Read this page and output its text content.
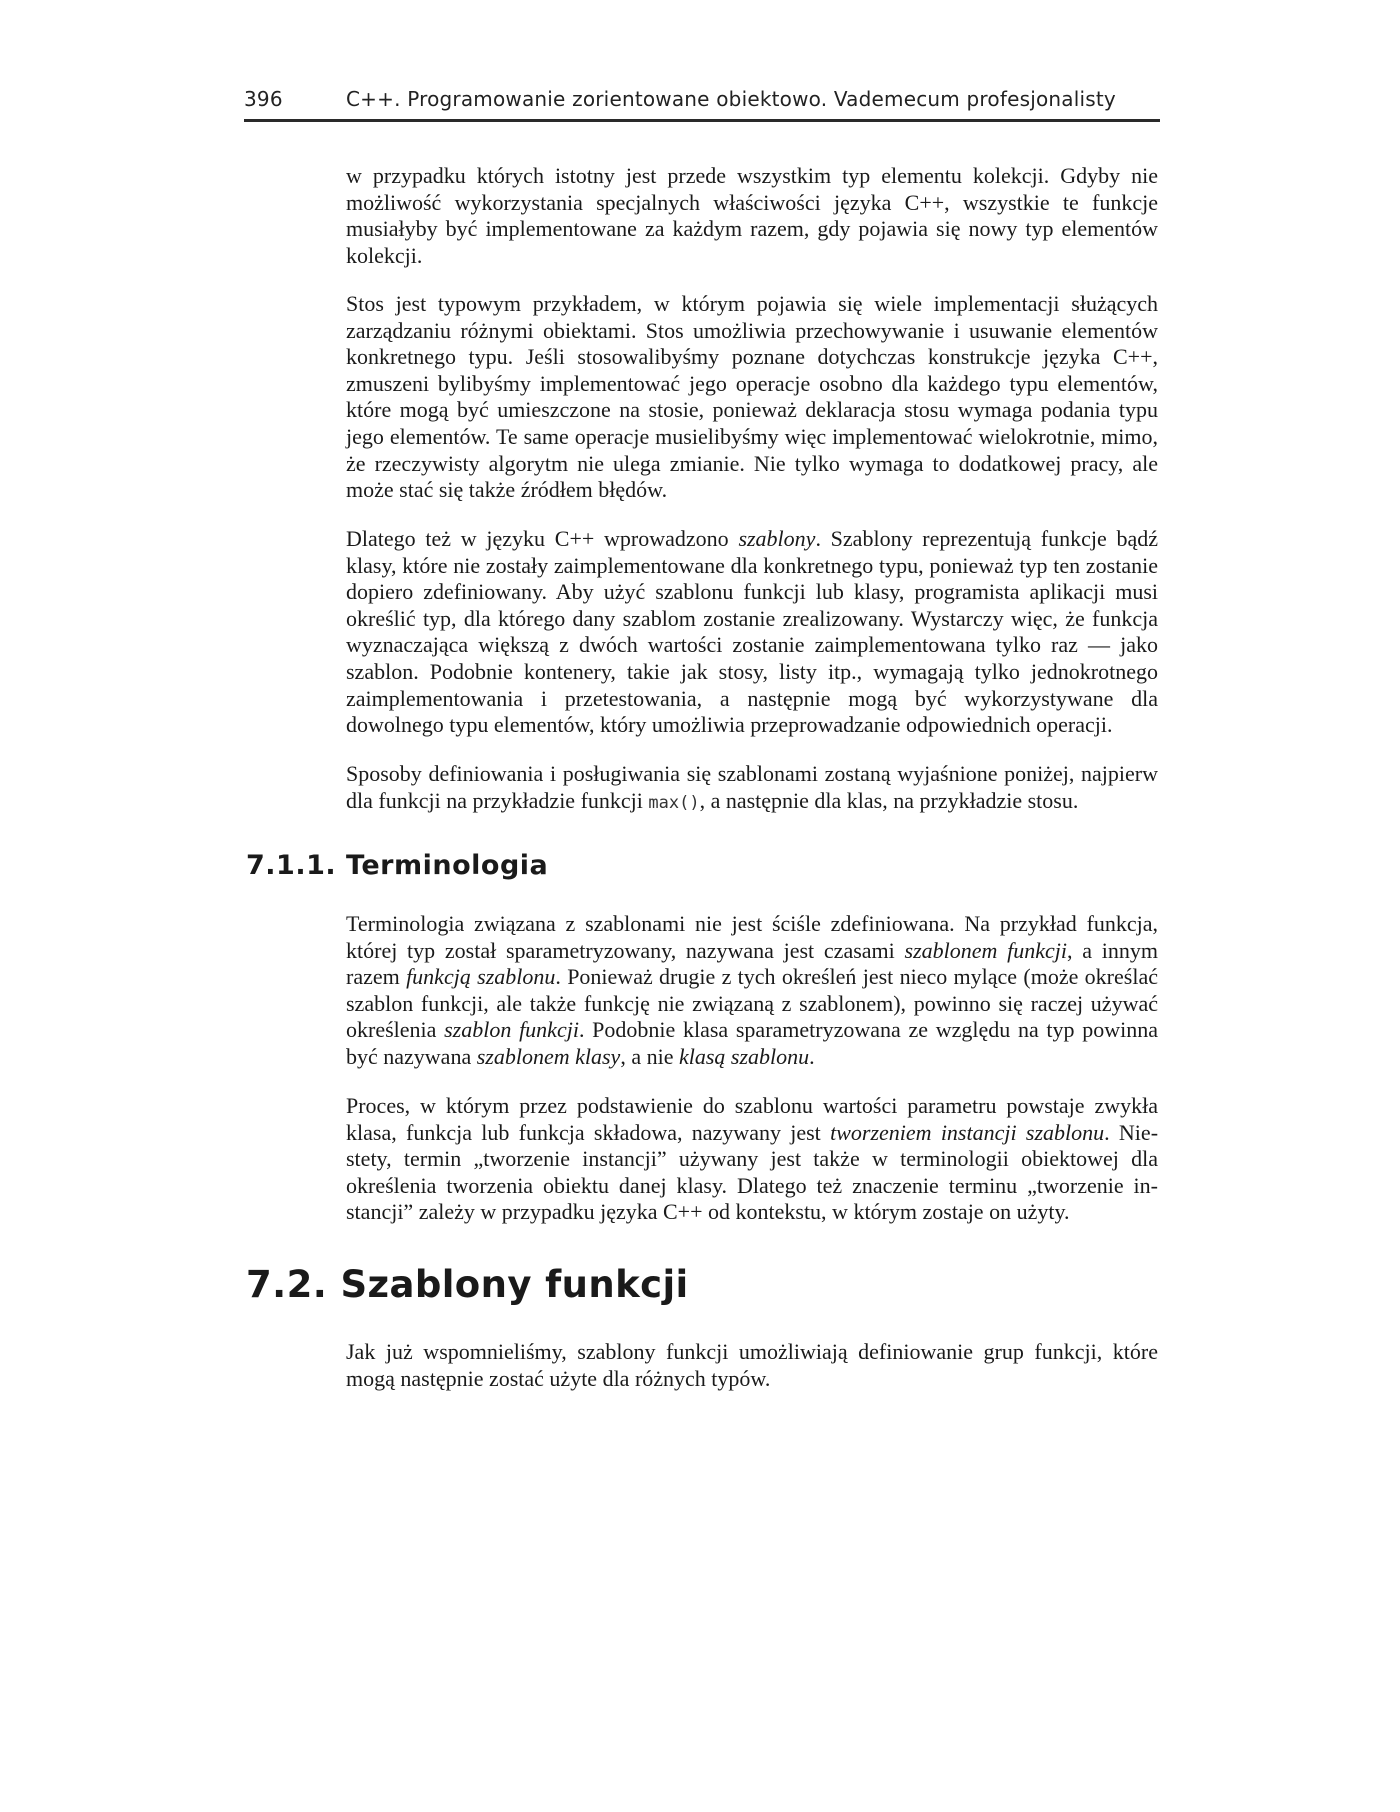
396	C++. Programowanie zorientowane obiektowo. Vademecum profesjonalisty

w przypadku których istotny jest przede wszystkim typ elementu kolekcji. Gdyby nie możliwość wykorzystania specjalnych właściwości języka C++, wszystkie te funkcje musiałyby być implementowane za każdym razem, gdy pojawia się nowy typ elementów kolekcji.

Stos jest typowym przykładem, w którym pojawia się wiele implementacji służących zarządzaniu różnymi obiektami. Stos umożliwia przechowywanie i usuwanie elementów konkretnego typu. Jeśli stosowalibyśmy poznane dotychczas konstrukcje języka C++, zmuszeni bylibyśmy implementować jego operacje osobno dla każdego typu elementów, które mogą być umieszczone na stosie, ponieważ deklaracja stosu wymaga podania typu jego elementów. Te same operacje musielibyśmy więc implementować wielokrotnie, mimo, że rzeczywisty algorytm nie ulega zmianie. Nie tylko wymaga to dodatkowej pracy, ale może stać się także źródłem błędów.

Dlatego też w języku C++ wprowadzono szablony. Szablony reprezentują funkcje bądź klasy, które nie zostały zaimplementowane dla konkretnego typu, ponieważ typ ten zostanie dopiero zdefiniowany. Aby użyć szablonu funkcji lub klasy, programista aplikacji musi określić typ, dla którego dany szablom zostanie zrealizowany. Wystarczy więc, że funkcja wyznaczająca większą z dwóch wartości zostanie zaimplementowana tylko raz — jako szablon. Podobnie kontenery, takie jak stosy, listy itp., wymagają tylko jednokrotnego zaimplementowania i przetestowania, a następnie mogą być wykorzystywane dla dowolnego typu elementów, który umożliwia przeprowadzanie odpowiednich operacji.

Sposoby definiowania i posługiwania się szablonami zostaną wyjaśnione poniżej, najpierw dla funkcji na przykładzie funkcji max(), a następnie dla klas, na przykładzie stosu.

7.1.1. Terminologia

Terminologia związana z szablonami nie jest ściśle zdefiniowana. Na przykład funkcja, której typ został sparametryzowany, nazywana jest czasami szablonem funkcji, a innym razem funkcją szablonu. Ponieważ drugie z tych określeń jest nieco mylące (może określać szablon funkcji, ale także funkcję nie związaną z szablonem), powinno się raczej używać określenia szablon funkcji. Podobnie klasa sparametryzowana ze względu na typ powinna być nazywana szablonem klasy, a nie klasą szablonu.

Proces, w którym przez podstawienie do szablonu wartości parametru powstaje zwykła klasa, funkcja lub funkcja składowa, nazywany jest tworzeniem instancji szablonu. Niestety, termin „tworzenie instancji” używany jest także w terminologii obiektowej dla określenia tworzenia obiektu danej klasy. Dlatego też znaczenie terminu „tworzenie instancji” zależy w przypadku języka C++ od kontekstu, w którym zostaje on użyty.

7.2. Szablony funkcji

Jak już wspomnieliśmy, szablony funkcji umożliwiają definiowanie grup funkcji, które mogą następnie zostać użyte dla różnych typów.
